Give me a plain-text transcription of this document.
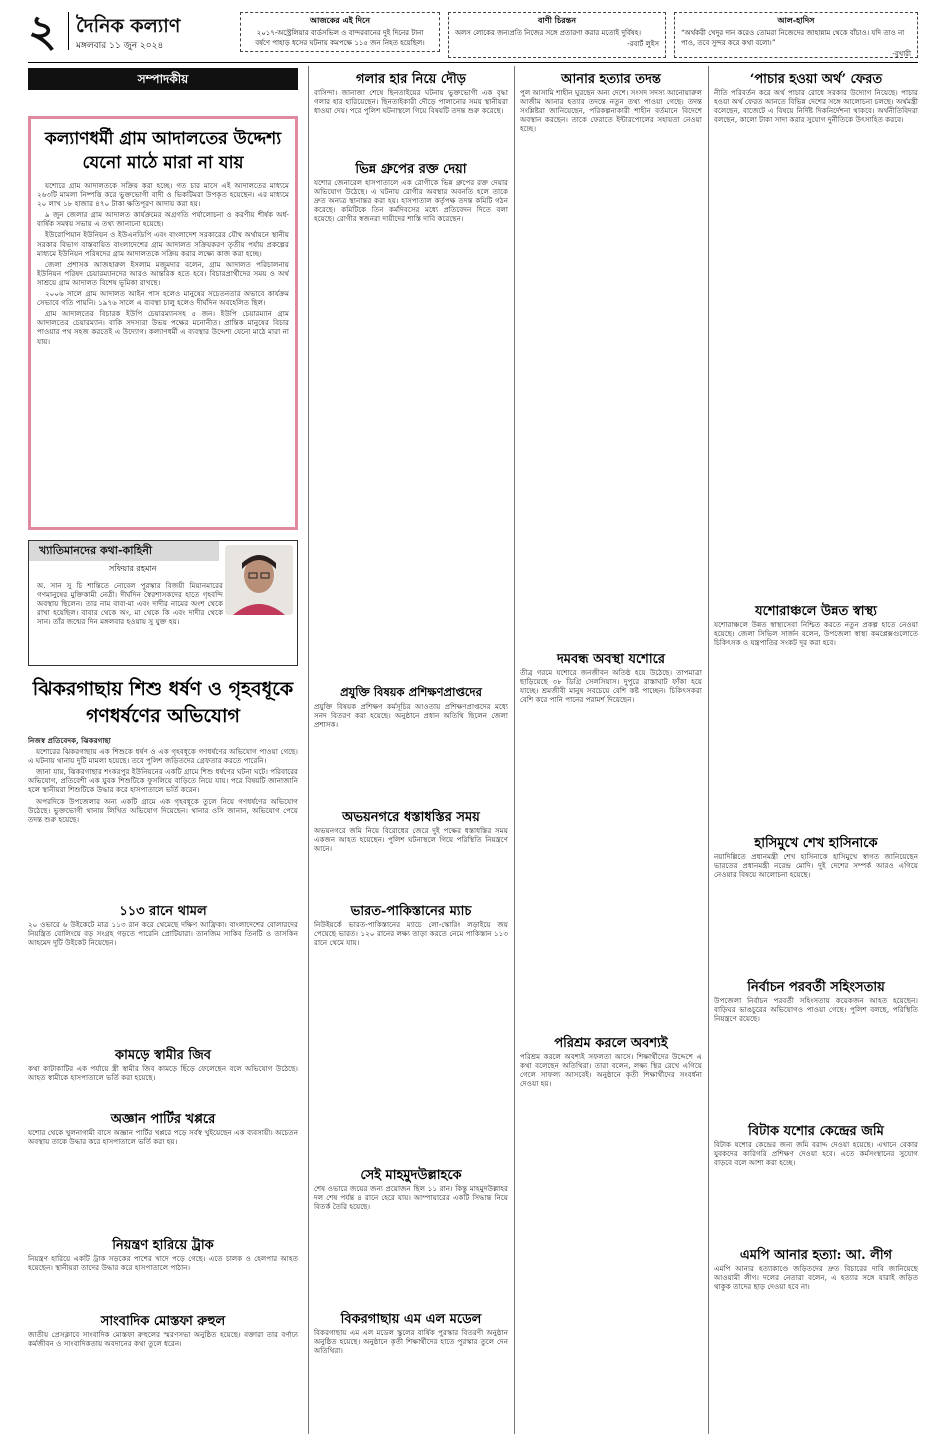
২ দৈনিক কল্যাণ
মঙ্গলবার ১১ জুন ২০২৪
আজকের এই দিনে
২০১৭-অস্ট্রেলিয়ার বার্ডসভিল ও বান্দরবানের দুই দিনের টানা
বর্ষণে পাহাড় ধসের ঘটনায় কমপক্ষে ১১৫ জন নিহত হয়েছিল।
বাণী চিরন্তন
অলস লোকের জন্যপ্রতি নিজের সঙ্গে প্রতারণা করার মতোই দুর্বিষহ।
-রবার্ট লুইস
আল-হাদিস
“অর্থকরী খেদুর দান করেও তোমরা নিজেদের জাহান্নাম থেকে বাঁচাও। যদি তাও না পাও, তবে সুন্দর করে কথা বলো।”
-বুখারী
সম্পাদকীয়
কল্যাণধর্মী গ্রাম আদালতের উদ্দেশ্য যেনো মাঠে মারা না যায়

যশোরে গ্রাম আদালতকে সক্রিয় করা হচ্ছে। গত চার মাসে এই আদালতের মাধ্যমে ২৬৩টি মামলা নিষ্পত্তি করে ভুক্তভোগী বাদী ও ভিকটিমরা উপকৃত হয়েছেন। এর মাধ্যমে ২০ লাখ ১৮ হাজার ৪৭০ টাকা ক্ষতিপূরণ আদায় করা হয়।

৯ জুন জেলার গ্রাম আদালত কার্যক্রমের অগ্রগতি পর্যালোচনা ও করণীয় শীর্ষক অর্ধ-বার্ষিক সমন্বয় সভায় এ তথ্য জানানো হয়েছে।

ইউরোপিয়ান ইউনিয়ন ও ইউএনডিপি এবং বাংলাদেশ সরকারের যৌথ অর্থায়নে স্থানীয় সরকার বিভাগ বাস্তবায়িত বাংলাদেশের গ্রাম আদালত সক্রিয়করণ তৃতীয় পর্যায় প্রকল্পের মাধ্যমে ইউনিয়ন পরিষদের গ্রাম আদালতকে সক্রিয় করার লক্ষ্যে কাজ করা হচ্ছে।

জেলা প্রশাসক আজহারুল ইসলাম মজুমদার বলেন, গ্রাম আদালত পরিচালনায় ইউনিয়ন পরিষদ চেয়ারম্যানদের আরও আন্তরিক হতে হবে। বিচারপ্রার্থীদের সময় ও অর্থ সাশ্রয়ে গ্রাম আদালত বিশেষ ভূমিকা রাখছে।

২০০৬ সালে গ্রাম আদালত আইন পাস হলেও মানুষের সচেতনতার অভাবে কার্যক্রম সেভাবে গতি পায়নি। ১৯৭৬ সালে এ ব্যবস্থা চালু হলেও দীর্ঘদিন অবহেলিত ছিল।

গ্রাম আদালতের বিচারক ইউপি চেয়ারম্যানসহ ৫ জন। ইউপি চেয়ারম্যান গ্রাম আদালতের চেয়ারম্যান। বাকি সদস্যরা উভয় পক্ষের মনোনীত। প্রান্তিক মানুষের বিচার পাওয়ার পথ সহজ করতেই এ উদ্যোগ। কল্যাণধর্মী এ ব্যবস্থার উদ্দেশ্য যেনো মাঠে মারা না যায়।

খ্যাতিমানদের কথা-কাহিনী
সফিয়ার রহমান
অ. সান সু চি শান্তিতে নোবেল পুরস্কার বিজয়ী মিয়ানমারের গণমানুষের মুক্তিকামী নেত্রী। দীর্ঘদিন স্বৈরশাসকদের হাতে গৃহবন্দি অবস্থায় ছিলেন। তার নাম বাবা-মা এবং দাদীর নামের অংশ থেকে রাখা হয়েছিল। বাবার থেকে অং, মা থেকে কি এবং দাদীর থেকে সান। তাঁর জন্মের দিন মঙ্গলবার হওয়ায় সু যুক্ত হয়।
ঝিকরগাছায় শিশু ধর্ষণ ও গৃহবধূকে গণধর্ষণের অভিযোগ

নিজস্ব প্রতিবেদক, ঝিকরগাছা

যশোরের ঝিকরগাছায় এক শিশুকে ধর্ষণ ও এক গৃহবধূকে গণধর্ষণের অভিযোগ পাওয়া গেছে। এ ঘটনায় থানায় দুটি মামলা হয়েছে। তবে পুলিশ জড়িতদের গ্রেফতার করতে পারেনি।

জানা যায়, ঝিকরগাছার শংকরপুর ইউনিয়নের একটি গ্রামে শিশু ধর্ষণের ঘটনা ঘটে। পরিবারের অভিযোগ, প্রতিবেশী এক যুবক শিশুটিকে ফুসলিয়ে বাড়িতে নিয়ে যায়। পরে বিষয়টি জানাজানি হলে স্থানীয়রা শিশুটিকে উদ্ধার করে হাসপাতালে ভর্তি করেন।

অপরদিকে উপজেলার অন্য একটি গ্রামে এক গৃহবধূকে তুলে নিয়ে গণধর্ষণের অভিযোগ উঠেছে। ভুক্তভোগী থানায় লিখিত অভিযোগ দিয়েছেন। থানার ওসি জানান, অভিযোগ পেয়ে তদন্ত শুরু হয়েছে।

১১৩ রানে থামল
২০ ওভারে ৬ উইকেটে মাত্র ১১৩ রান করে থেমেছে দক্ষিণ আফ্রিকা। বাংলাদেশের বোলারদের নিয়ন্ত্রিত বোলিংয়ে বড় সংগ্রহ গড়তে পারেনি প্রোটিয়ারা। তানজিম সাকিব তিনটি ও তাসকিন আহমেদ দুটি উইকেট নিয়েছেন।
কামড়ে স্বামীর জিব
কথা কাটাকাটির এক পর্যায়ে স্ত্রী স্বামীর জিব কামড়ে ছিঁড়ে ফেলেছেন বলে অভিযোগ উঠেছে। আহত স্বামীকে হাসপাতালে ভর্তি করা হয়েছে।
অজ্ঞান পার্টির খপ্পরে
যশোর থেকে খুলনাগামী বাসে অজ্ঞান পার্টির খপ্পরে পড়ে সর্বস্ব খুইয়েছেন এক ব্যবসায়ী। অচেতন অবস্থায় তাকে উদ্ধার করে হাসপাতালে ভর্তি করা হয়।
নিয়ন্ত্রণ হারিয়ে ট্রাক
নিয়ন্ত্রণ হারিয়ে একটি ট্রাক সড়কের পাশের খাদে পড়ে গেছে। এতে চালক ও হেলপার আহত হয়েছেন। স্থানীয়রা তাদের উদ্ধার করে হাসপাতালে পাঠান।
সাংবাদিক মোস্তফা রুহুল
জাতীয় প্রেসক্লাবে সাংবাদিক মোস্তফা রুহুলের স্মরণসভা অনুষ্ঠিত হয়েছে। বক্তারা তার বর্ণাঢ্য কর্মজীবন ও সাংবাদিকতায় অবদানের কথা তুলে ধরেন।
গলার হার নিয়ে দৌড়
বাসিন্দা। জানাজা শেষে ছিনতাইয়ের ঘটনায় ভুক্তভোগী এক বৃদ্ধা গলার হার হারিয়েছেন। ছিনতাইকারী দৌড়ে পালানোর সময় স্থানীয়রা ধাওয়া দেয়। পরে পুলিশ ঘটনাস্থলে গিয়ে বিষয়টি তদন্ত শুরু করেছে।
ভিন্ন গ্রুপের রক্ত দেয়া
যশোর জেনারেল হাসপাতালে এক রোগীকে ভিন্ন গ্রুপের রক্ত দেয়ার অভিযোগ উঠেছে। এ ঘটনায় রোগীর অবস্থার অবনতি হলে তাকে দ্রুত অন্যত্র স্থানান্তর করা হয়। হাসপাতাল কর্তৃপক্ষ তদন্ত কমিটি গঠন করেছে। কমিটিকে তিন কর্মদিবসের মধ্যে প্রতিবেদন দিতে বলা হয়েছে। রোগীর স্বজনরা দায়ীদের শাস্তি দাবি করেছেন।
প্রযুক্তি বিষয়ক প্রশিক্ষণপ্রাপ্তদের
প্রযুক্তি বিষয়ক প্রশিক্ষণ কর্মসূচির আওতায় প্রশিক্ষণপ্রাপ্তদের মধ্যে সনদ বিতরণ করা হয়েছে। অনুষ্ঠানে প্রধান অতিথি ছিলেন জেলা প্রশাসক।
অভয়নগরে ধস্তাধস্তির সময়
অভয়নগরে জমি নিয়ে বিরোধের জেরে দুই পক্ষের ধস্তাধস্তির সময় একজন আহত হয়েছেন। পুলিশ ঘটনাস্থলে গিয়ে পরিস্থিতি নিয়ন্ত্রণে আনে।
ভারত-পাকিস্তানের ম্যাচ
নিউইয়র্কে ভারত-পাকিস্তানের ম্যাচে লো-স্কোরিং লড়াইয়ে জয় পেয়েছে ভারত। ১২০ রানের লক্ষ্য তাড়া করতে নেমে পাকিস্তান ১১৩ রানে থেমে যায়।
সেই মাহমুদউল্লাহকে
শেষ ওভারে জয়ের জন্য প্রয়োজন ছিল ১১ রান। কিন্তু মাহমুদউল্লাহর দল শেষ পর্যন্ত ৪ রানে হেরে যায়। আম্পায়ারের একটি সিদ্ধান্ত নিয়ে বিতর্ক তৈরি হয়েছে।
বিকরগাছায় এম এল মডেল
বিকরগাছায় এম এল মডেল স্কুলের বার্ষিক পুরস্কার বিতরণী অনুষ্ঠান অনুষ্ঠিত হয়েছে। অনুষ্ঠানে কৃতী শিক্ষার্থীদের হাতে পুরস্কার তুলে দেন অতিথিরা।
আনার হত্যার তদন্ত
পুল আসামি শাহীন ঘুরছেন অন্য দেশে। সংসদ সদস্য আনোয়ারুল আজীম আনার হত্যার তদন্তে নতুন তথ্য পাওয়া গেছে। তদন্ত সংশ্লিষ্টরা জানিয়েছেন, পরিকল্পনাকারী শাহীন বর্তমানে বিদেশে অবস্থান করছেন। তাকে ফেরাতে ইন্টারপোলের সহায়তা নেওয়া হচ্ছে।
দমবন্ধ অবস্থা যশোরে
তীব্র গরমে যশোরে জনজীবন অতিষ্ঠ হয়ে উঠেছে। তাপমাত্রা ছাড়িয়েছে ৩৮ ডিগ্রি সেলসিয়াস। দুপুরে রাস্তাঘাট ফাঁকা হয়ে যাচ্ছে। শ্রমজীবী মানুষ সবচেয়ে বেশি কষ্ট পাচ্ছেন। চিকিৎসকরা বেশি করে পানি পানের পরামর্শ দিয়েছেন।
পরিশ্রম করলে অবশ্যই
পরিশ্রম করলে অবশ্যই সফলতা আসে। শিক্ষার্থীদের উদ্দেশে এ কথা বলেছেন অতিথিরা। তারা বলেন, লক্ষ্য স্থির রেখে এগিয়ে গেলে সাফল্য আসবেই। অনুষ্ঠানে কৃতী শিক্ষার্থীদের সংবর্ধনা দেওয়া হয়।
‘পাচার হওয়া অর্থ’ ফেরত
নীতি পরিবর্তন করে অর্থ পাচার রোধে সরকার উদ্যোগ নিয়েছে। পাচার হওয়া অর্থ ফেরত আনতে বিভিন্ন দেশের সঙ্গে আলোচনা চলছে। অর্থমন্ত্রী বলেছেন, বাজেটে এ বিষয়ে নির্দিষ্ট দিকনির্দেশনা থাকবে। অর্থনীতিবিদরা বলছেন, কালো টাকা সাদা করার সুযোগ দুর্নীতিকে উৎসাহিত করবে।
যশোরাঞ্চলে উন্নত স্বাস্থ্য
যশোরাঞ্চলে উন্নত স্বাস্থ্যসেবা নিশ্চিত করতে নতুন প্রকল্প হাতে নেওয়া হয়েছে। জেলা সিভিল সার্জন বলেন, উপজেলা স্বাস্থ্য কমপ্লেক্সগুলোতে চিকিৎসক ও যন্ত্রপাতির সংকট দূর করা হবে।
হাসিমুখে শেখ হাসিনাকে
নয়াদিল্লিতে প্রধানমন্ত্রী শেখ হাসিনাকে হাসিমুখে স্বাগত জানিয়েছেন ভারতের প্রধানমন্ত্রী নরেন্দ্র মোদি। দুই দেশের সম্পর্ক আরও এগিয়ে নেওয়ার বিষয়ে আলোচনা হয়েছে।
নির্বাচন পরবর্তী সহিংসতায়
উপজেলা নির্বাচন পরবর্তী সহিংসতায় কয়েকজন আহত হয়েছেন। বাড়িঘর ভাঙচুরের অভিযোগও পাওয়া গেছে। পুলিশ বলছে, পরিস্থিতি নিয়ন্ত্রণে রয়েছে।
বিটাক যশোর কেন্দ্রের জমি
বিটাক যশোর কেন্দ্রের জন্য জমি বরাদ্দ দেওয়া হয়েছে। এখানে বেকার যুবকদের কারিগরি প্রশিক্ষণ দেওয়া হবে। এতে কর্মসংস্থানের সুযোগ বাড়বে বলে আশা করা হচ্ছে।
এমপি আনার হত্যা: আ. লীগ
এমপি আনার হত্যাকাণ্ডে জড়িতদের দ্রুত বিচারের দাবি জানিয়েছে আওয়ামী লীগ। দলের নেতারা বলেন, এ হত্যার সঙ্গে যারাই জড়িত থাকুক তাদের ছাড় দেওয়া হবে না।
